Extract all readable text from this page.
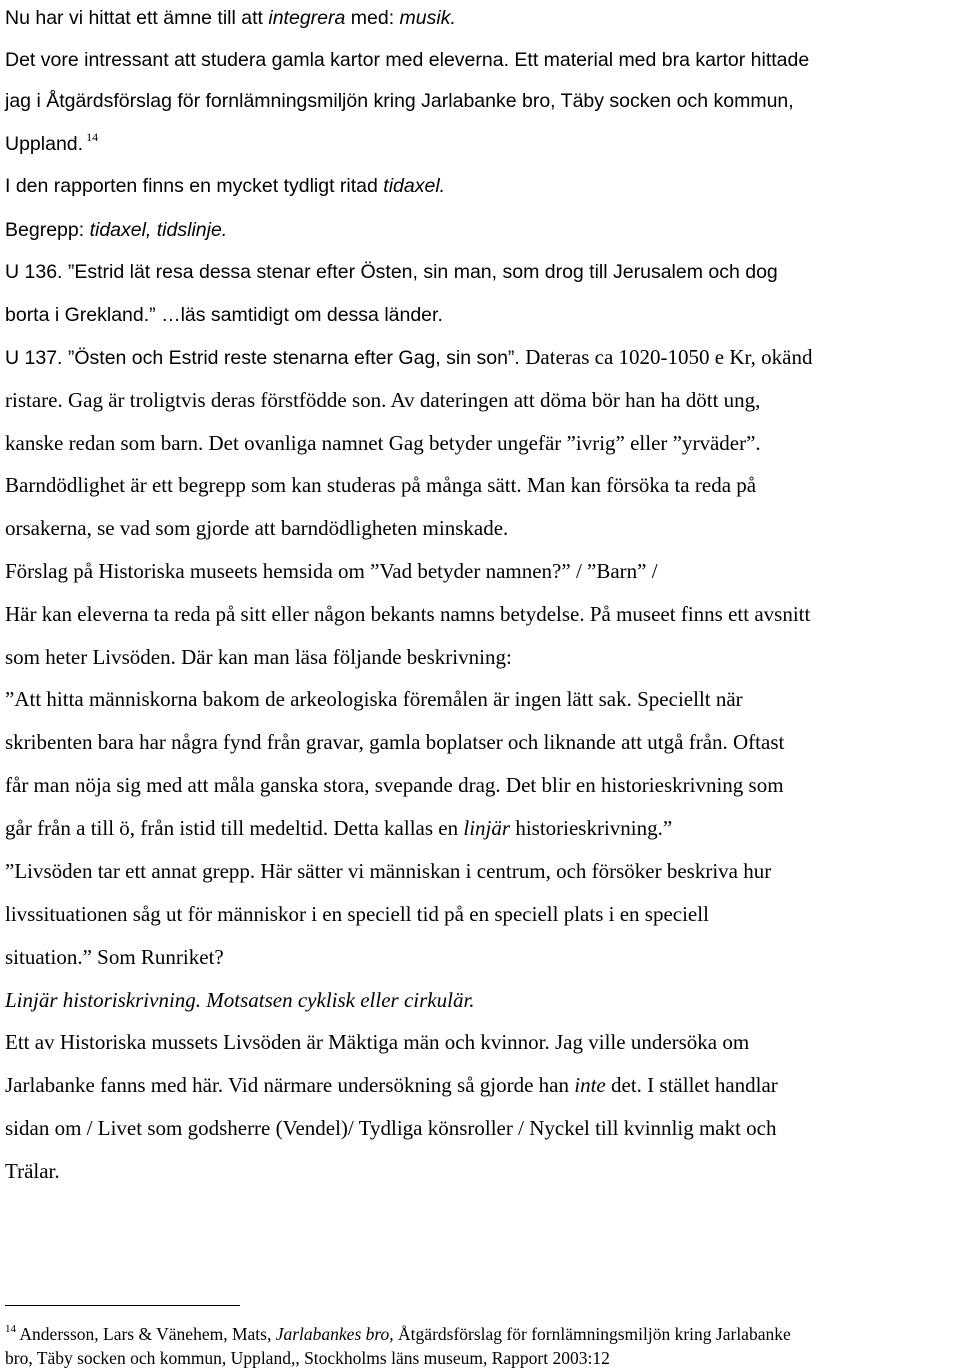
Nu har vi hittat ett ämne till att integrera med: musik.
Det vore intressant att studera gamla kartor med eleverna. Ett material med bra kartor hittade
jag i Åtgärdsförslag för fornlämningsmiljön kring Jarlabanke bro, Täby socken och kommun,
Uppland. $^{14}$
I den rapporten finns en mycket tydligt ritad tidaxel.
Begrepp: tidaxel, tidslinje.
U 136. ”Estrid lät resa dessa stenar efter Östen, sin man, som drog till Jerusalem och dog
borta i Grekland.” …läs samtidigt om dessa länder.
U 137. ”Östen och Estrid reste stenarna efter Gag, sin son”. Dateras ca 1020-1050 e Kr, okänd
ristare. Gag är troligtvis deras förstfödde son. Av dateringen att döma bör han ha dött ung,
kanske redan som barn. Det ovanliga namnet Gag betyder ungefär ”ivrig” eller ”yrväder”.
Barndödlighet är ett begrepp som kan studeras på många sätt. Man kan försöka ta reda på
orsakerna, se vad som gjorde att barndödligheten minskade.
Förslag på Historiska museets hemsida om ”Vad betyder namnen?” / ”Barn” /
Här kan eleverna ta reda på sitt eller någon bekants namns betydelse. På museet finns ett avsnitt
som heter Livsöden. Där kan man läsa följande beskrivning:
”Att hitta människorna bakom de arkeologiska föremålen är ingen lätt sak. Speciellt när
skribenten bara har några fynd från gravar, gamla boplatser och liknande att utgå från. Oftast
får man nöja sig med att måla ganska stora, svepande drag. Det blir en historieskrivning som
går från a till ö, från istid till medeltid. Detta kallas en linjär historieskrivning.”
”Livsöden tar ett annat grepp. Här sätter vi människan i centrum, och försöker beskriva hur
livssituationen såg ut för människor i en speciell tid på en speciell plats i en speciell
situation.” Som Runriket?
Linjär historiskrivning. Motsatsen cyklisk eller cirkulär.
Ett av Historiska mussets Livsöden är Mäktiga män och kvinnor. Jag ville undersöka om
Jarlabanke fanns med här. Vid närmare undersökning så gjorde han inte det. I stället handlar
sidan om / Livet som godsherre (Vendel)/ Tydliga könsroller / Nyckel till kvinnlig makt och
Trälar.
$^{14}$ Andersson, Lars & Vänehem, Mats, Jarlabankes bro, Åtgärdsförslag för fornlämningsmiljön kring Jarlabanke
bro, Täby socken och kommun, Uppland,, Stockholms läns museum, Rapport 2003:12
